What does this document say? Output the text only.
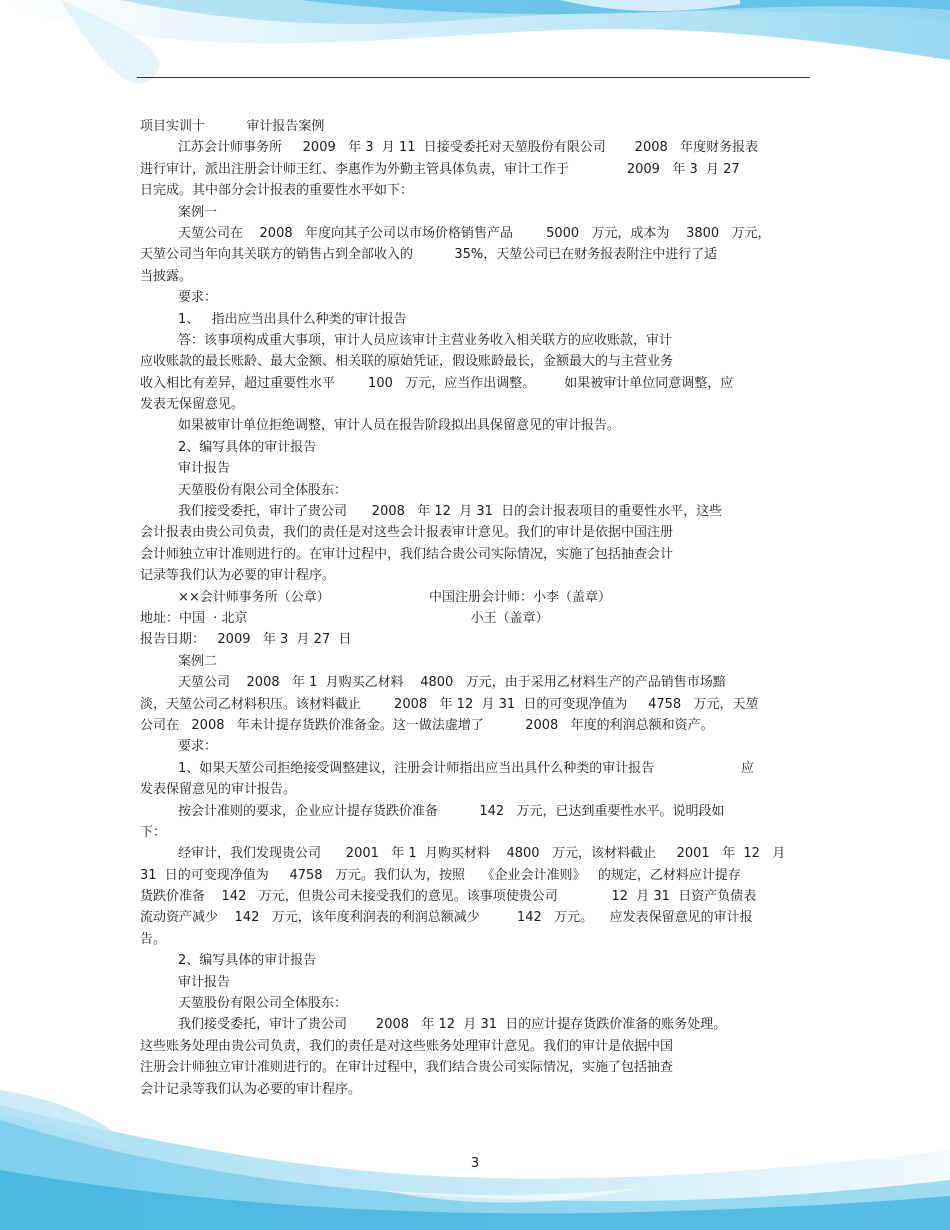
项目实训十          审计报告案例
江苏会计师事务所     2009   年 3  月 11  日接受委托对天堃股份有限公司       2008   年度财务报表
进行审计，派出注册会计师王红、李惠作为外勤主管具体负责，审计工作于              2009   年 3  月 27
日完成。其中部分会计报表的重要性水平如下：
案例一
天堃公司在    2008   年度向其子公司以市场价格销售产品        5000   万元，成本为    3800   万元，
天堃公司当年向其关联方的销售占到全部收入的          35%，天堃公司已在财务报表附注中进行了适
当披露。
要求：
1、   指出应当出具什么种类的审计报告
答：该事项构成重大事项，审计人员应该审计主营业务收入相关联方的应收账款，审计
应收账款的最长账龄、最大金额、相关联的原始凭证，假设账龄最长，金额最大的与主营业务
收入相比有差异，超过重要性水平        100   万元，应当作出调整。       如果被审计单位同意调整，应
发表无保留意见。
如果被审计单位拒绝调整，审计人员在报告阶段拟出具保留意见的审计报告。
2、编写具体的审计报告
审计报告
天堃股份有限公司全体股东：
我们接受委托，审计了贵公司      2008   年 12  月 31  日的会计报表项目的重要性水平，这些
会计报表由贵公司负责，我们的责任是对这些会计报表审计意见。我们的审计是依据中国注册
会计师独立审计准则进行的。在审计过程中，我们结合贵公司实际情况，实施了包括抽查会计
记录等我们认为必要的审计程序。
××会计师事务所（公章）                        中国注册会计师：小李（盖章）
地址：中国  · 北京                                                      小王（盖章）
报告日期：   2009   年 3  月 27  日
案例二
天堃公司    2008   年 1  月购买乙材料    4800   万元，由于采用乙材料生产的产品销售市场黯
淡，天堃公司乙材料积压。该材料截止        2008   年 12  月 31  日的可变现净值为     4758   万元，天堃
公司在   2008   年未计提存货跌价准备金。这一做法虚增了          2008   年度的利润总额和资产。
要求：
1、如果天堃公司拒绝接受调整建议，注册会计师指出应当出具什么种类的审计报告                     应
发表保留意见的审计报告。
按会计准则的要求，企业应计提存货跌价准备          142   万元，已达到重要性水平。说明段如
下：
经审计，我们发现贵公司      2001   年 1  月购买材料    4800   万元，该材料截止     2001   年  12   月
31  日的可变现净值为     4758   万元。我们认为，按照    《企业会计准则》   的规定，乙材料应计提存
货跌价准备    142   万元，但贵公司未接受我们的意见。该事项使贵公司             12  月 31  日资产负债表
流动资产减少    142   万元，该年度利润表的利润总额减少         142   万元。    应发表保留意见的审计报
告。
2、编写具体的审计报告
审计报告
天堃股份有限公司全体股东：
我们接受委托，审计了贵公司       2008   年 12  月 31  日的应计提存货跌价准备的账务处理。
这些账务处理由贵公司负责，我们的责任是对这些账务处理审计意见。我们的审计是依据中国
注册会计师独立审计准则进行的。在审计过程中，我们结合贵公司实际情况，实施了包括抽查
会计记录等我们认为必要的审计程序。
3
